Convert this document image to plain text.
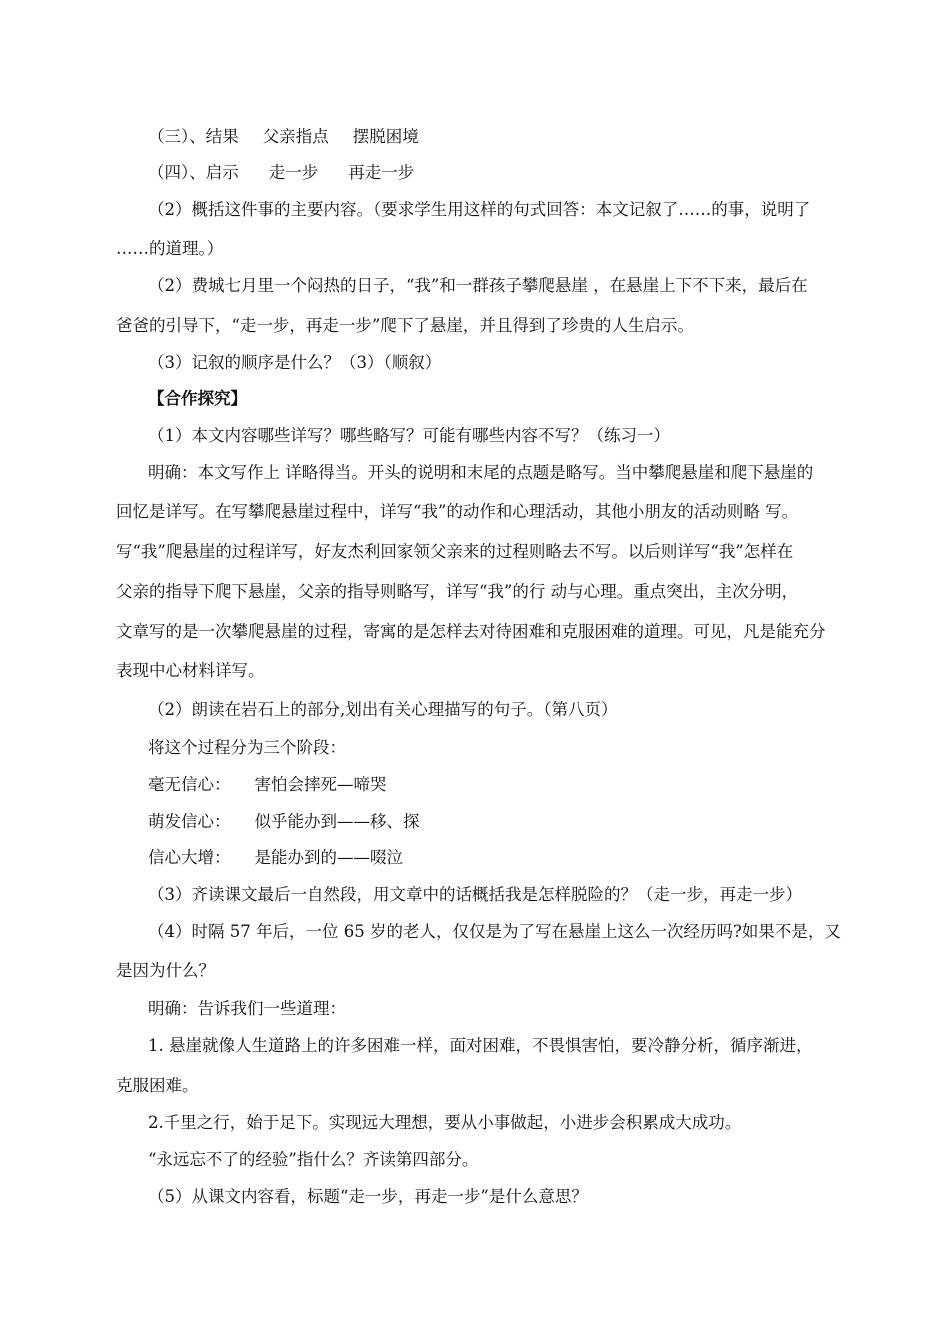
（三）、结果 父亲指点 摆脱困境
（四）、启示 走一步 再走一步
（2）概括这件事的主要内容。（要求学生用这样的句式回答：本文记叙了……的事，说明了
……的道理。）
（2）费城七月里一个闷热的日子，“我”和一群孩子攀爬悬崖 ，在悬崖上下不下来，最后在
爸爸的引导下，“走一步，再走一步”爬下了悬崖，并且得到了珍贵的人生启示。
（3）记叙的顺序是什么？（3）（顺叙）
【合作探究】
（1）本文内容哪些详写？哪些略写？可能有哪些内容不写？（练习一）
明确：本文写作上 详略得当。开头的说明和末尾的点题是略写。当中攀爬悬崖和爬下悬崖的
回忆是详写。在写攀爬悬崖过程中，详写“我”的动作和心理活动，其他小朋友的活动则略 写。
写“我”爬悬崖的过程详写，好友杰利回家领父亲来的过程则略去不写。以后则详写“我”怎样在
父亲的指导下爬下悬崖，父亲的指导则略写，详写“我”的行 动与心理。重点突出，主次分明，
文章写的是一次攀爬悬崖的过程，寄寓的是怎样去对待困难和克服困难的道理。可见，凡是能充分
表现中心材料详写。
（2）朗读在岩石上的部分,划出有关心理描写的句子。（第八页）
将这个过程分为三个阶段：
毫无信心： 害怕会摔死—啼哭
萌发信心： 似乎能办到——移、探
信心大增： 是能办到的——啜泣
（3）齐读课文最后一自然段，用文章中的话概括我是怎样脱险的？（走一步，再走一步）
（4）时隔 57 年后，一位 65 岁的老人，仅仅是为了写在悬崖上这么一次经历吗?如果不是，又
是因为什么？
明确：告诉我们一些道理：
1. 悬崖就像人生道路上的许多困难一样，面对困难，不畏惧害怕，要冷静分析，循序渐进，
克服困难。
2.千里之行，始于足下。实现远大理想，要从小事做起，小进步会积累成大成功。
“永远忘不了的经验”指什么？齐读第四部分。
（5）从课文内容看，标题“走一步，再走一步”是什么意思？
